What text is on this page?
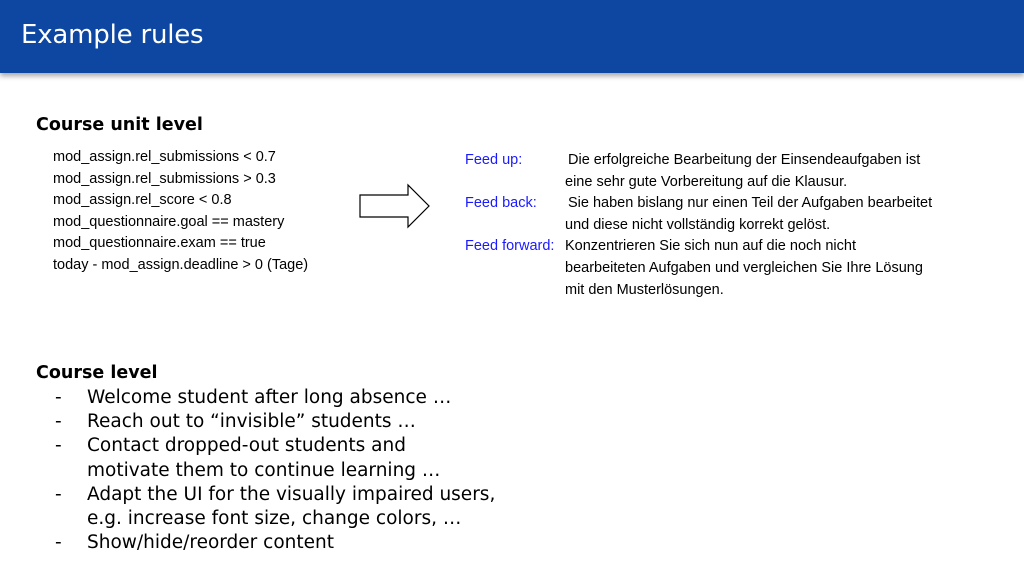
Example rules
Course unit level
mod_assign.rel_submissions < 0.7
mod_assign.rel_submissions > 0.3
mod_assign.rel_score < 0.8
mod_questionnaire.goal == mastery
mod_questionnaire.exam == true
today - mod_assign.deadline > 0 (Tage)
Feed up:	Die erfolgreiche Bearbeitung der Einsendeaufgaben ist
eine sehr gute Vorbereitung auf die Klausur.
Feed back:	Sie haben bislang nur einen Teil der Aufgaben bearbeitet
und diese nicht vollständig korrekt gelöst.
Feed forward: Konzentrieren Sie sich nun auf die noch nicht
bearbeiteten Aufgaben und vergleichen Sie Ihre Lösung
mit den Musterlösungen.
Course level
-	Welcome student after long absence …
-	Reach out to “invisible” students …
-	Contact dropped-out students and
motivate them to continue learning …
-	Adapt the UI for the visually impaired users,
e.g. increase font size, change colors, …
-	Show/hide/reorder content
